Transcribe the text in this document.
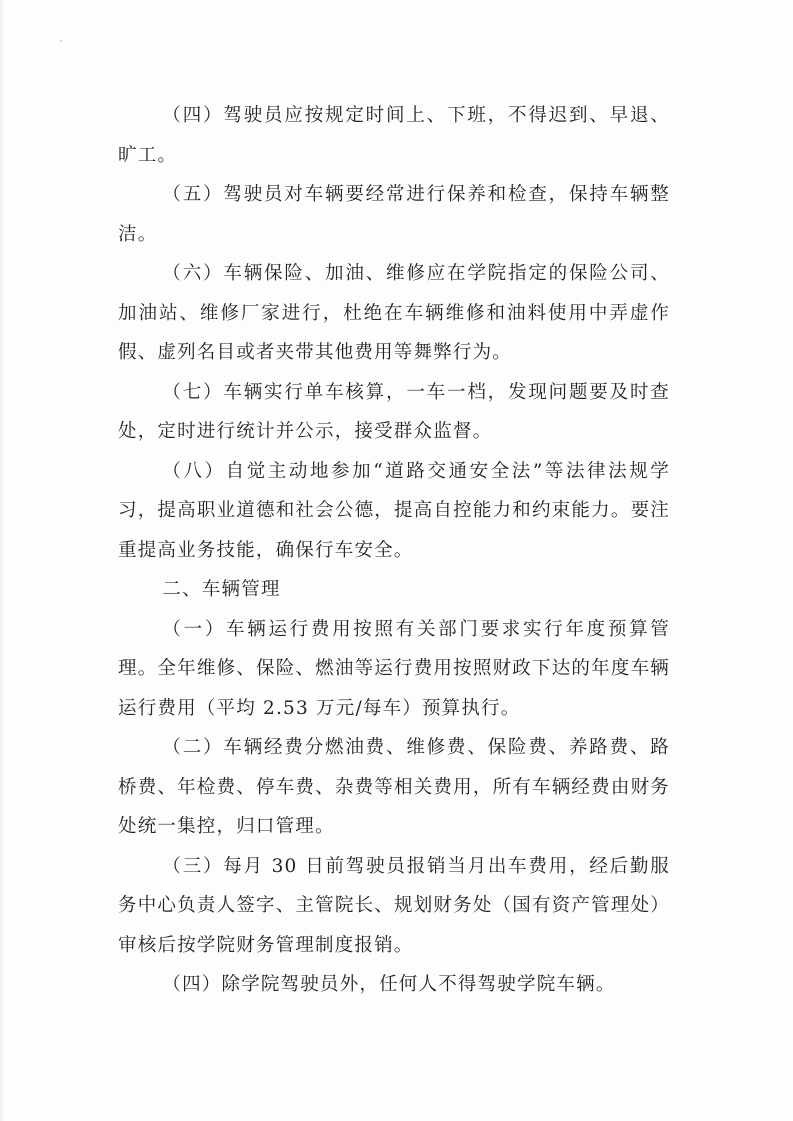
（四）驾驶员应按规定时间上、下班，不得迟到、早退、旷工。

（五）驾驶员对车辆要经常进行保养和检查，保持车辆整洁。

（六）车辆保险、加油、维修应在学院指定的保险公司、加油站、维修厂家进行，杜绝在车辆维修和油料使用中弄虚作假、虚列名目或者夹带其他费用等舞弊行为。

（七）车辆实行单车核算，一车一档，发现问题要及时查处，定时进行统计并公示，接受群众监督。

（八）自觉主动地参加“道路交通安全法”等法律法规学习，提高职业道德和社会公德，提高自控能力和约束能力。要注重提高业务技能，确保行车安全。

二、车辆管理

（一）车辆运行费用按照有关部门要求实行年度预算管理。全年维修、保险、燃油等运行费用按照财政下达的年度车辆运行费用（平均 2.53 万元/每车）预算执行。

（二）车辆经费分燃油费、维修费、保险费、养路费、路桥费、年检费、停车费、杂费等相关费用，所有车辆经费由财务处统一集控，归口管理。

（三）每月 30 日前驾驶员报销当月出车费用，经后勤服务中心负责人签字、主管院长、规划财务处（国有资产管理处）审核后按学院财务管理制度报销。

（四）除学院驾驶员外，任何人不得驾驶学院车辆。
